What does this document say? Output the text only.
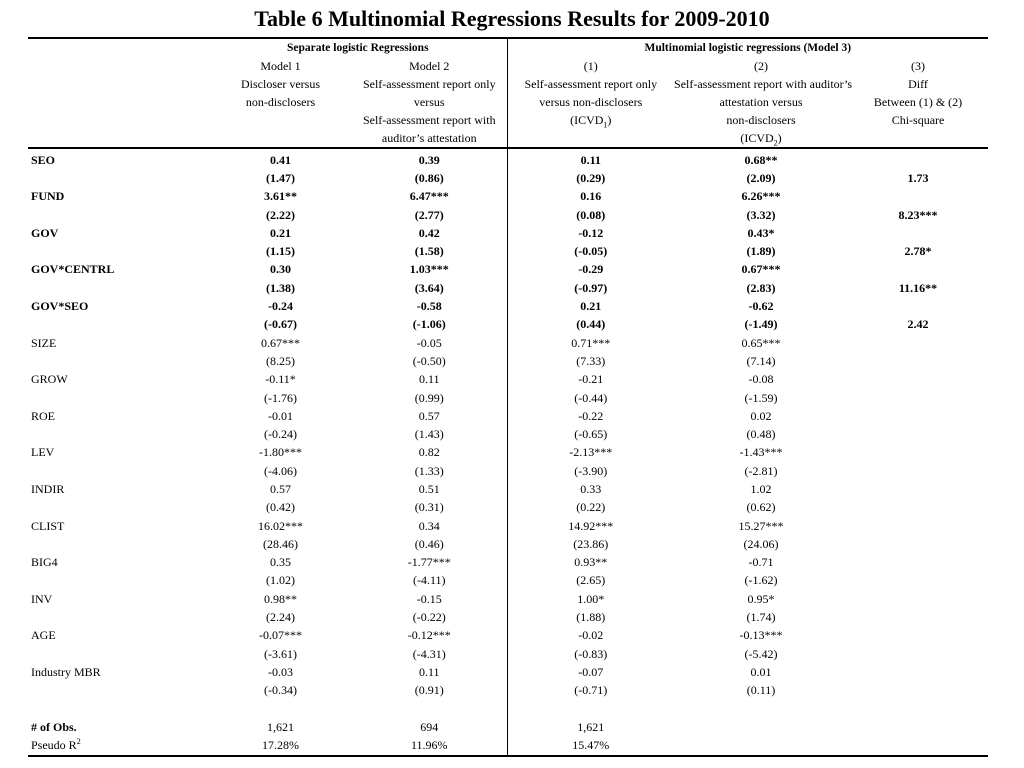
Table 6 Multinomial Regressions Results for 2009-2010
	Separate logistic Regressions		Multinomial logistic regressions (Model 3)		
	Model 1	Model 2	(1)	(2)	(3)
	Discloser versus	Self-assessment report only	Self-assessment report only	Self-assessment report with auditor’s	Diff
	non-disclosers	versus	versus non-disclosers	attestation versus	Between (1) & (2)
		Self-assessment report with	$(ICVD_1)$	non-disclosers	Chi-square
		auditor’s attestation		$(ICVD_2)$	
SEO	0.41	0.39	0.11	0.68**	
	(1.47)	(0.86)	(0.29)	(2.09)	1.73
FUND	3.61**	6.47***	0.16	6.26***	
	(2.22)	(2.77)	(0.08)	(3.32)	8.23***
GOV	0.21	0.42	-0.12	0.43*	
	(1.15)	(1.58)	(-0.05)	(1.89)	2.78*
GOV*CENTRL	0.30	1.03***	-0.29	0.67***	
	(1.38)	(3.64)	(-0.97)	(2.83)	11.16**
GOV*SEO	-0.24	-0.58	0.21	-0.62	
	(-0.67)	(-1.06)	(0.44)	(-1.49)	2.42
SIZE	0.67***	-0.05	0.71***	0.65***	
	(8.25)	(-0.50)	(7.33)	(7.14)	
GROW	-0.11*	0.11	-0.21	-0.08	
	(-1.76)	(0.99)	(-0.44)	(-1.59)	
ROE	-0.01	0.57	-0.22	0.02	
	(-0.24)	(1.43)	(-0.65)	(0.48)	
LEV	-1.80***	0.82	-2.13***	-1.43***	
	(-4.06)	(1.33)	(-3.90)	(-2.81)	
INDIR	0.57	0.51	0.33	1.02	
	(0.42)	(0.31)	(0.22)	(0.62)	
CLIST	16.02***	0.34	14.92***	15.27***	
	(28.46)	(0.46)	(23.86)	(24.06)	
BIG4	0.35	-1.77***	0.93**	-0.71	
	(1.02)	(-4.11)	(2.65)	(-1.62)	
INV	0.98**	-0.15	1.00*	0.95*	
	(2.24)	(-0.22)	(1.88)	(1.74)	
AGE	-0.07***	-0.12***	-0.02	-0.13***	
	(-3.61)	(-4.31)	(-0.83)	(-5.42)	
Industry MBR	-0.03	0.11	-0.07	0.01	
	(-0.34)	(0.91)	(-0.71)	(0.11)	

# of Obs.	1,621	694	1,621		
Pseudo $R^2$	17.28%	11.96%	15.47%		
